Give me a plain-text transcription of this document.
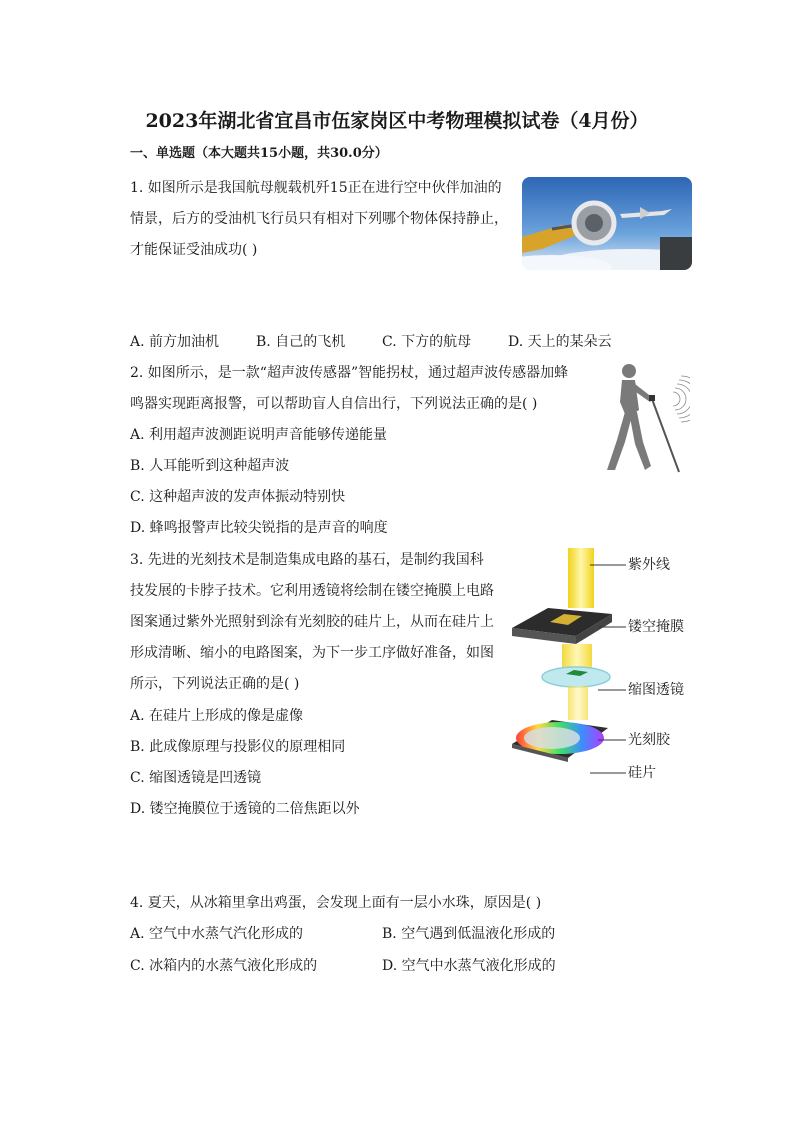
2023年湖北省宜昌市伍家岗区中考物理模拟试卷（4月份）
一、单选题（本大题共15小题，共30.0分）
1. 如图所示是我国航母舰载机歼15正在进行空中伙伴加油的
情景，后方的受油机飞行员只有相对下列哪个物体保持静止，
才能保证受油成功( )
A. 前方加油机	B. 自己的飞机	C. 下方的航母	D. 天上的某朵云
2. 如图所示，是一款“超声波传感器”智能拐杖，通过超声波传感器加蜂
鸣器实现距离报警，可以帮助盲人自信出行，下列说法正确的是( )
A. 利用超声波测距说明声音能够传递能量
B. 人耳能听到这种超声波
C. 这种超声波的发声体振动特别快
D. 蜂鸣报警声比较尖锐指的是声音的响度
3. 先进的光刻技术是制造集成电路的基石，是制约我国科
技发展的卡脖子技术。它利用透镜将绘制在镂空掩膜上电路
图案通过紫外光照射到涂有光刻胶的硅片上，从而在硅片上
形成清晰、缩小的电路图案，为下一步工序做好准备，如图
所示，下列说法正确的是( )
A. 在硅片上形成的像是虚像
B. 此成像原理与投影仪的原理相同
C. 缩图透镜是凹透镜
D. 镂空掩膜位于透镜的二倍焦距以外
紫外线
镂空掩膜
缩图透镜
光刻胶
硅片
4. 夏天，从冰箱里拿出鸡蛋，会发现上面有一层小水珠，原因是( )
A. 空气中水蒸气汽化形成的	B. 空气遇到低温液化形成的
C. 冰箱内的水蒸气液化形成的	D. 空气中水蒸气液化形成的
